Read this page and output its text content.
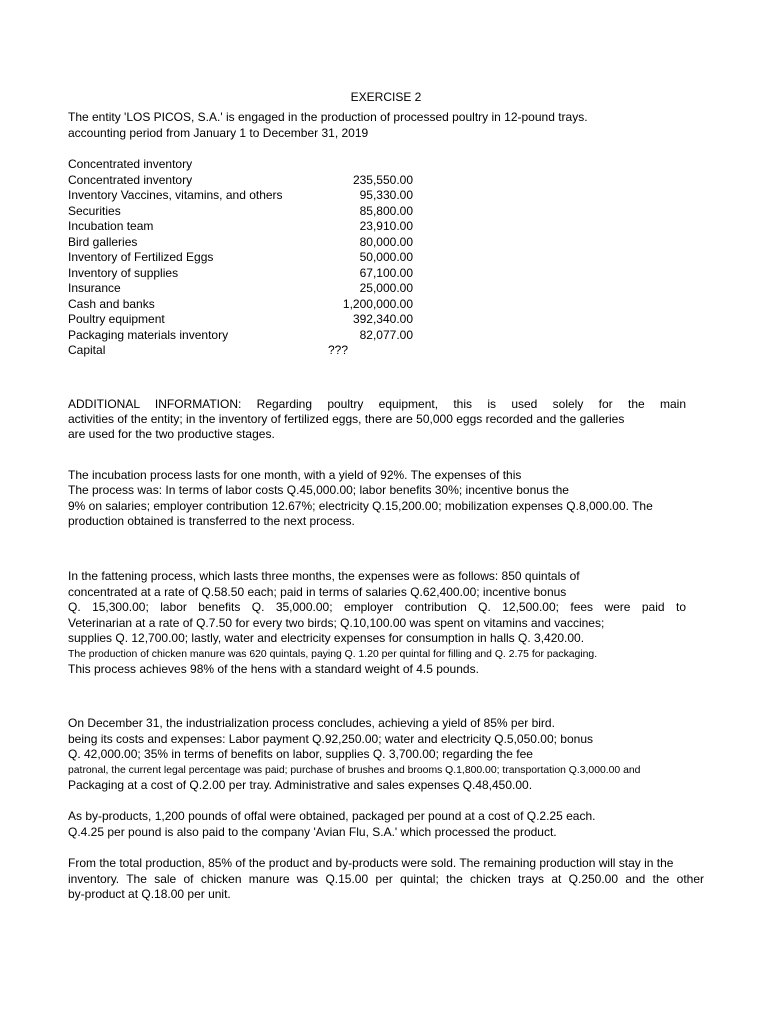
EXERCISE 2
The entity 'LOS PICOS, S.A.' is engaged in the production of processed poultry in 12-pound trays.
accounting period from January 1 to December 31, 2019
Concentrated inventory
Concentrated inventory	235,550.00
Inventory Vaccines, vitamins, and others	95,330.00
Securities	85,800.00
Incubation team	23,910.00
Bird galleries	80,000.00
Inventory of Fertilized Eggs	50,000.00
Inventory of supplies	67,100.00
Insurance	25,000.00
Cash and banks	1,200,000.00
Poultry equipment	392,340.00
Packaging materials inventory	82,077.00
Capital	???
ADDITIONAL INFORMATION: Regarding poultry equipment, this is used solely for the main
activities of the entity; in the inventory of fertilized eggs, there are 50,000 eggs recorded and the galleries
are used for the two productive stages.
The incubation process lasts for one month, with a yield of 92%. The expenses of this
The process was: In terms of labor costs Q.45,000.00; labor benefits 30%; incentive bonus the
9% on salaries; employer contribution 12.67%; electricity Q.15,200.00; mobilization expenses Q.8,000.00. The
production obtained is transferred to the next process.
In the fattening process, which lasts three months, the expenses were as follows: 850 quintals of
concentrated at a rate of Q.58.50 each; paid in terms of salaries Q.62,400.00; incentive bonus
Q. 15,300.00; labor benefits Q. 35,000.00; employer contribution Q. 12,500.00; fees were paid to
Veterinarian at a rate of Q.7.50 for every two birds; Q.10,100.00 was spent on vitamins and vaccines;
supplies Q. 12,700.00; lastly, water and electricity expenses for consumption in halls Q. 3,420.00.
The production of chicken manure was 620 quintals, paying Q. 1.20 per quintal for filling and Q. 2.75 for packaging.
This process achieves 98% of the hens with a standard weight of 4.5 pounds.
On December 31, the industrialization process concludes, achieving a yield of 85% per bird.
being its costs and expenses: Labor payment Q.92,250.00; water and electricity Q.5,050.00; bonus
Q. 42,000.00; 35% in terms of benefits on labor, supplies Q. 3,700.00; regarding the fee
patronal, the current legal percentage was paid; purchase of brushes and brooms Q.1,800.00; transportation Q.3,000.00 and
Packaging at a cost of Q.2.00 per tray. Administrative and sales expenses Q.48,450.00.
As by-products, 1,200 pounds of offal were obtained, packaged per pound at a cost of Q.2.25 each.
Q.4.25 per pound is also paid to the company 'Avian Flu, S.A.' which processed the product.
From the total production, 85% of the product and by-products were sold. The remaining production will stay in the
inventory. The sale of chicken manure was Q.15.00 per quintal; the chicken trays at Q.250.00 and the other
by-product at Q.18.00 per unit.
